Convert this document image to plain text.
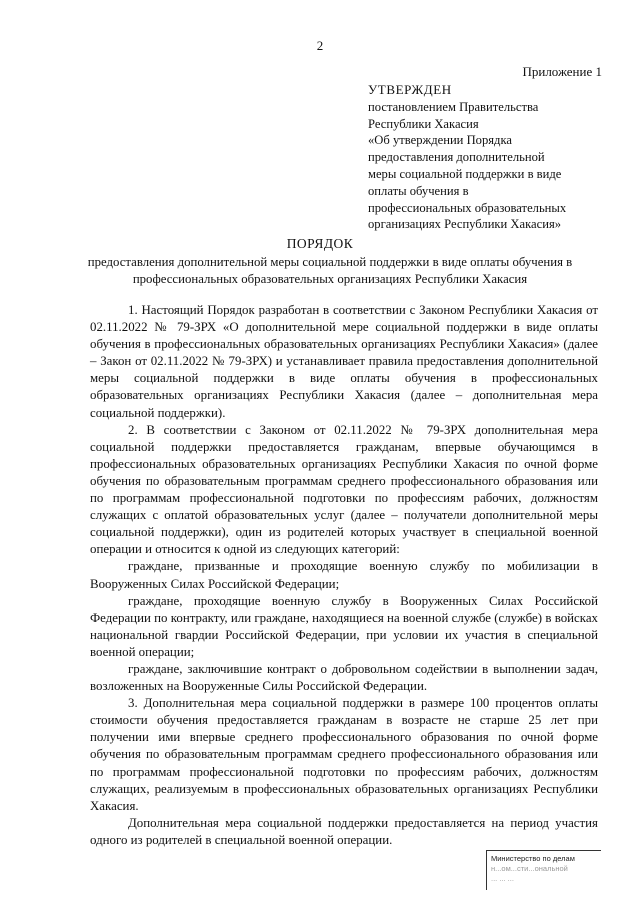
2
Приложение 1
УТВЕРЖДЕН
постановлением Правительства
Республики Хакасия
«Об утверждении Порядка
предоставления дополнительной
меры социальной поддержки в виде
оплаты обучения в
профессиональных образовательных
организациях Республики Хакасия»
ПОРЯДОК
предоставления дополнительной меры социальной поддержки в виде оплаты обучения в профессиональных образовательных организациях Республики Хакасия

1. Настоящий Порядок разработан в соответствии с Законом Республики Хакасия от 02.11.2022 № 79-ЗРХ «О дополнительной мере социальной поддержки в виде оплаты обучения в профессиональных образовательных организациях Республики Хакасия» (далее – Закон от 02.11.2022 № 79-ЗРХ) и устанавливает правила предоставления дополнительной меры социальной поддержки в виде оплаты обучения в профессиональных образовательных организациях Республики Хакасия (далее – дополнительная мера социальной поддержки).

2. В соответствии с Законом от 02.11.2022 № 79-ЗРХ дополнительная мера социальной поддержки предоставляется гражданам, впервые обучающимся в профессиональных образовательных организациях Республики Хакасия по очной форме обучения по образовательным программам среднего профессионального образования или по программам профессиональной подготовки по профессиям рабочих, должностям служащих с оплатой образовательных услуг (далее – получатели дополнительной меры социальной поддержки), один из родителей которых участвует в специальной военной операции и относится к одной из следующих категорий:

граждане, призванные и проходящие военную службу по мобилизации в Вооруженных Силах Российской Федерации;

граждане, проходящие военную службу в Вооруженных Силах Российской Федерации по контракту, или граждане, находящиеся на военной службе (службе) в войсках национальной гвардии Российской Федерации, при условии их участия в специальной военной операции;

граждане, заключившие контракт о добровольном содействии в выполнении задач, возложенных на Вооруженные Силы Российской Федерации.

3. Дополнительная мера социальной поддержки в размере 100 процентов оплаты стоимости обучения предоставляется гражданам в возрасте не старше 25 лет при получении ими впервые среднего профессионального образования по очной форме обучения по образовательным программам среднего профессионального образования или по программам профессиональной подготовки по профессиям рабочих, должностям служащих, реализуемым в профессиональных образовательных организациях Республики Хакасия.

Дополнительная мера социальной поддержки предоставляется на период участия одного из родителей в специальной военной операции.

Министерство по делам
н...ом...сти...ональной
... ... ...
